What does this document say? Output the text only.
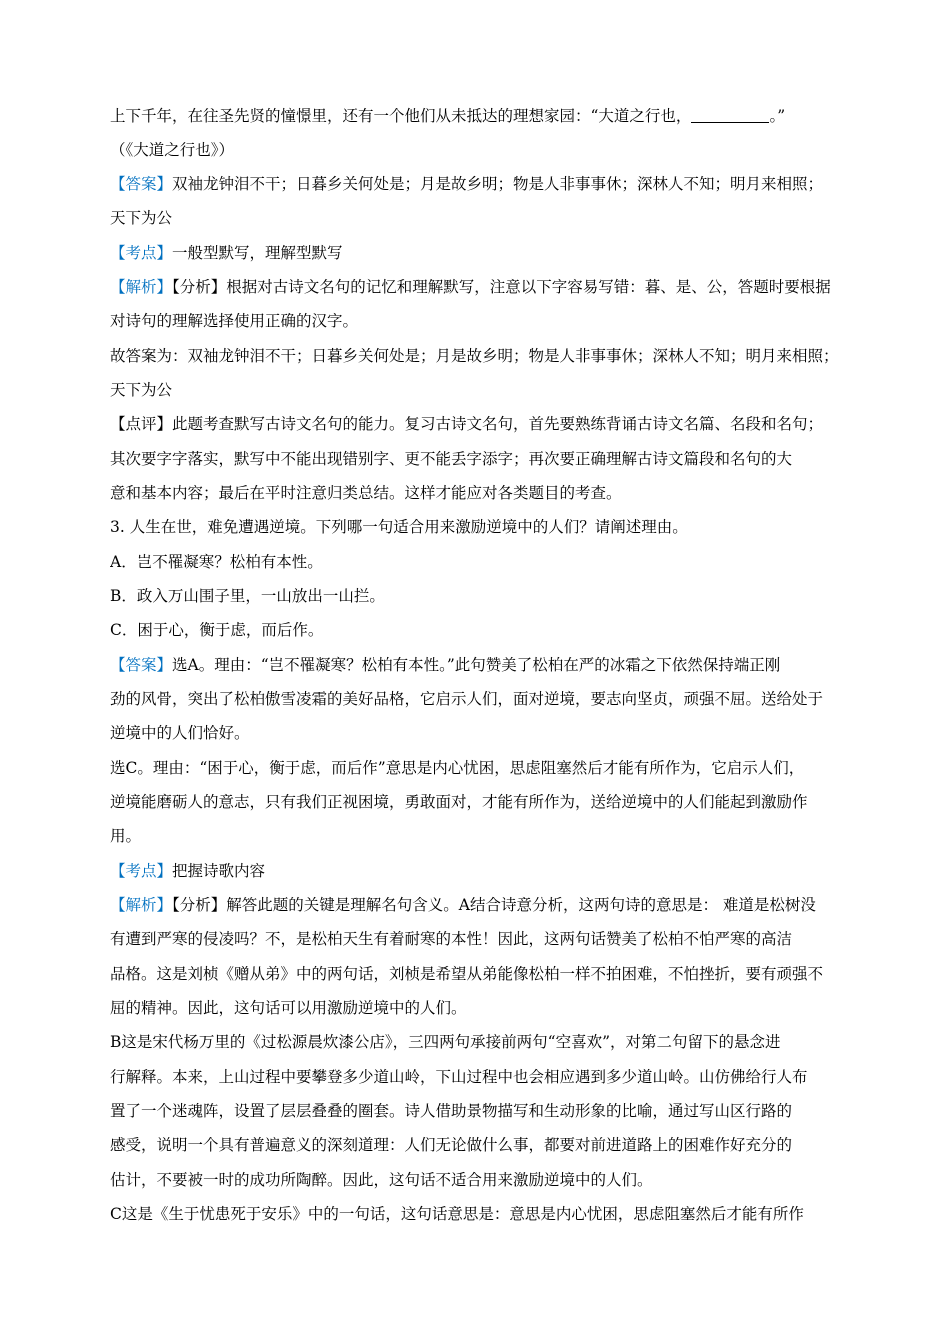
上下千年，在往圣先贤的憧憬里，还有一个他们从未抵达的理想家园：“大道之行也，	。”
（《大道之行也》）
【答案】双袖龙钟泪不干；日暮乡关何处是；月是故乡明；物是人非事事休；深林人不知；明月来相照；
天下为公
【考点】一般型默写，理解型默写
【解析】【分析】根据对古诗文名句的记忆和理解默写，注意以下字容易写错：暮、是、公，答题时要根据
对诗句的理解选择使用正确的汉字。
故答案为：双袖龙钟泪不干；日暮乡关何处是；月是故乡明；物是人非事事休；深林人不知；明月来相照；
天下为公
【点评】此题考查默写古诗文名句的能力。复习古诗文名句，首先要熟练背诵古诗文名篇、名段和名句；
其次要字字落实，默写中不能出现错别字、更不能丢字添字；再次要正确理解古诗文篇段和名句的大
意和基本内容；最后在平时注意归类总结。这样才能应对各类题目的考查。
3. 人生在世，难免遭遇逆境。下列哪一句适合用来激励逆境中的人们？请阐述理由。
A．岂不罹凝寒？松柏有本性。
B．政入万山围子里，一山放出一山拦。
C．困于心，衡于虑，而后作。
【答案】选A。理由：“岂不罹凝寒？松柏有本性。”此句赞美了松柏在严的冰霜之下依然保持端正刚
劲的风骨，突出了松柏傲雪凌霜的美好品格，它启示人们，面对逆境，要志向坚贞，顽强不屈。送给处于
逆境中的人们恰好。
选C。理由：“困于心，衡于虑，而后作”意思是内心忧困，思虑阻塞然后才能有所作为，它启示人们，
逆境能磨砺人的意志，只有我们正视困境，勇敢面对，才能有所作为，送给逆境中的人们能起到激励作
用。
【考点】把握诗歌内容
【解析】【分析】解答此题的关键是理解名句含义。A结合诗意分析，这两句诗的意思是： 难道是松树没
有遭到严寒的侵凌吗？不，是松柏天生有着耐寒的本性！因此，这两句话赞美了松柏不怕严寒的高洁
品格。这是刘桢《赠从弟》中的两句话，刘桢是希望从弟能像松柏一样不拍困难，不怕挫折，要有顽强不
屈的精神。因此，这句话可以用激励逆境中的人们。
B这是宋代杨万里的《过松源晨炊漆公店》，三四两句承接前两句“空喜欢”，对第二句留下的悬念进
行解释。本来，上山过程中要攀登多少道山岭，下山过程中也会相应遇到多少道山岭。山仿佛给行人布
置了一个迷魂阵，设置了层层叠叠的圈套。诗人借助景物描写和生动形象的比喻，通过写山区行路的
感受，说明一个具有普遍意义的深刻道理：人们无论做什么事，都要对前进道路上的困难作好充分的
估计，不要被一时的成功所陶醉。因此，这句话不适合用来激励逆境中的人们。
C这是《生于忧患死于安乐》中的一句话，这句话意思是：意思是内心忧困，思虑阻塞然后才能有所作
